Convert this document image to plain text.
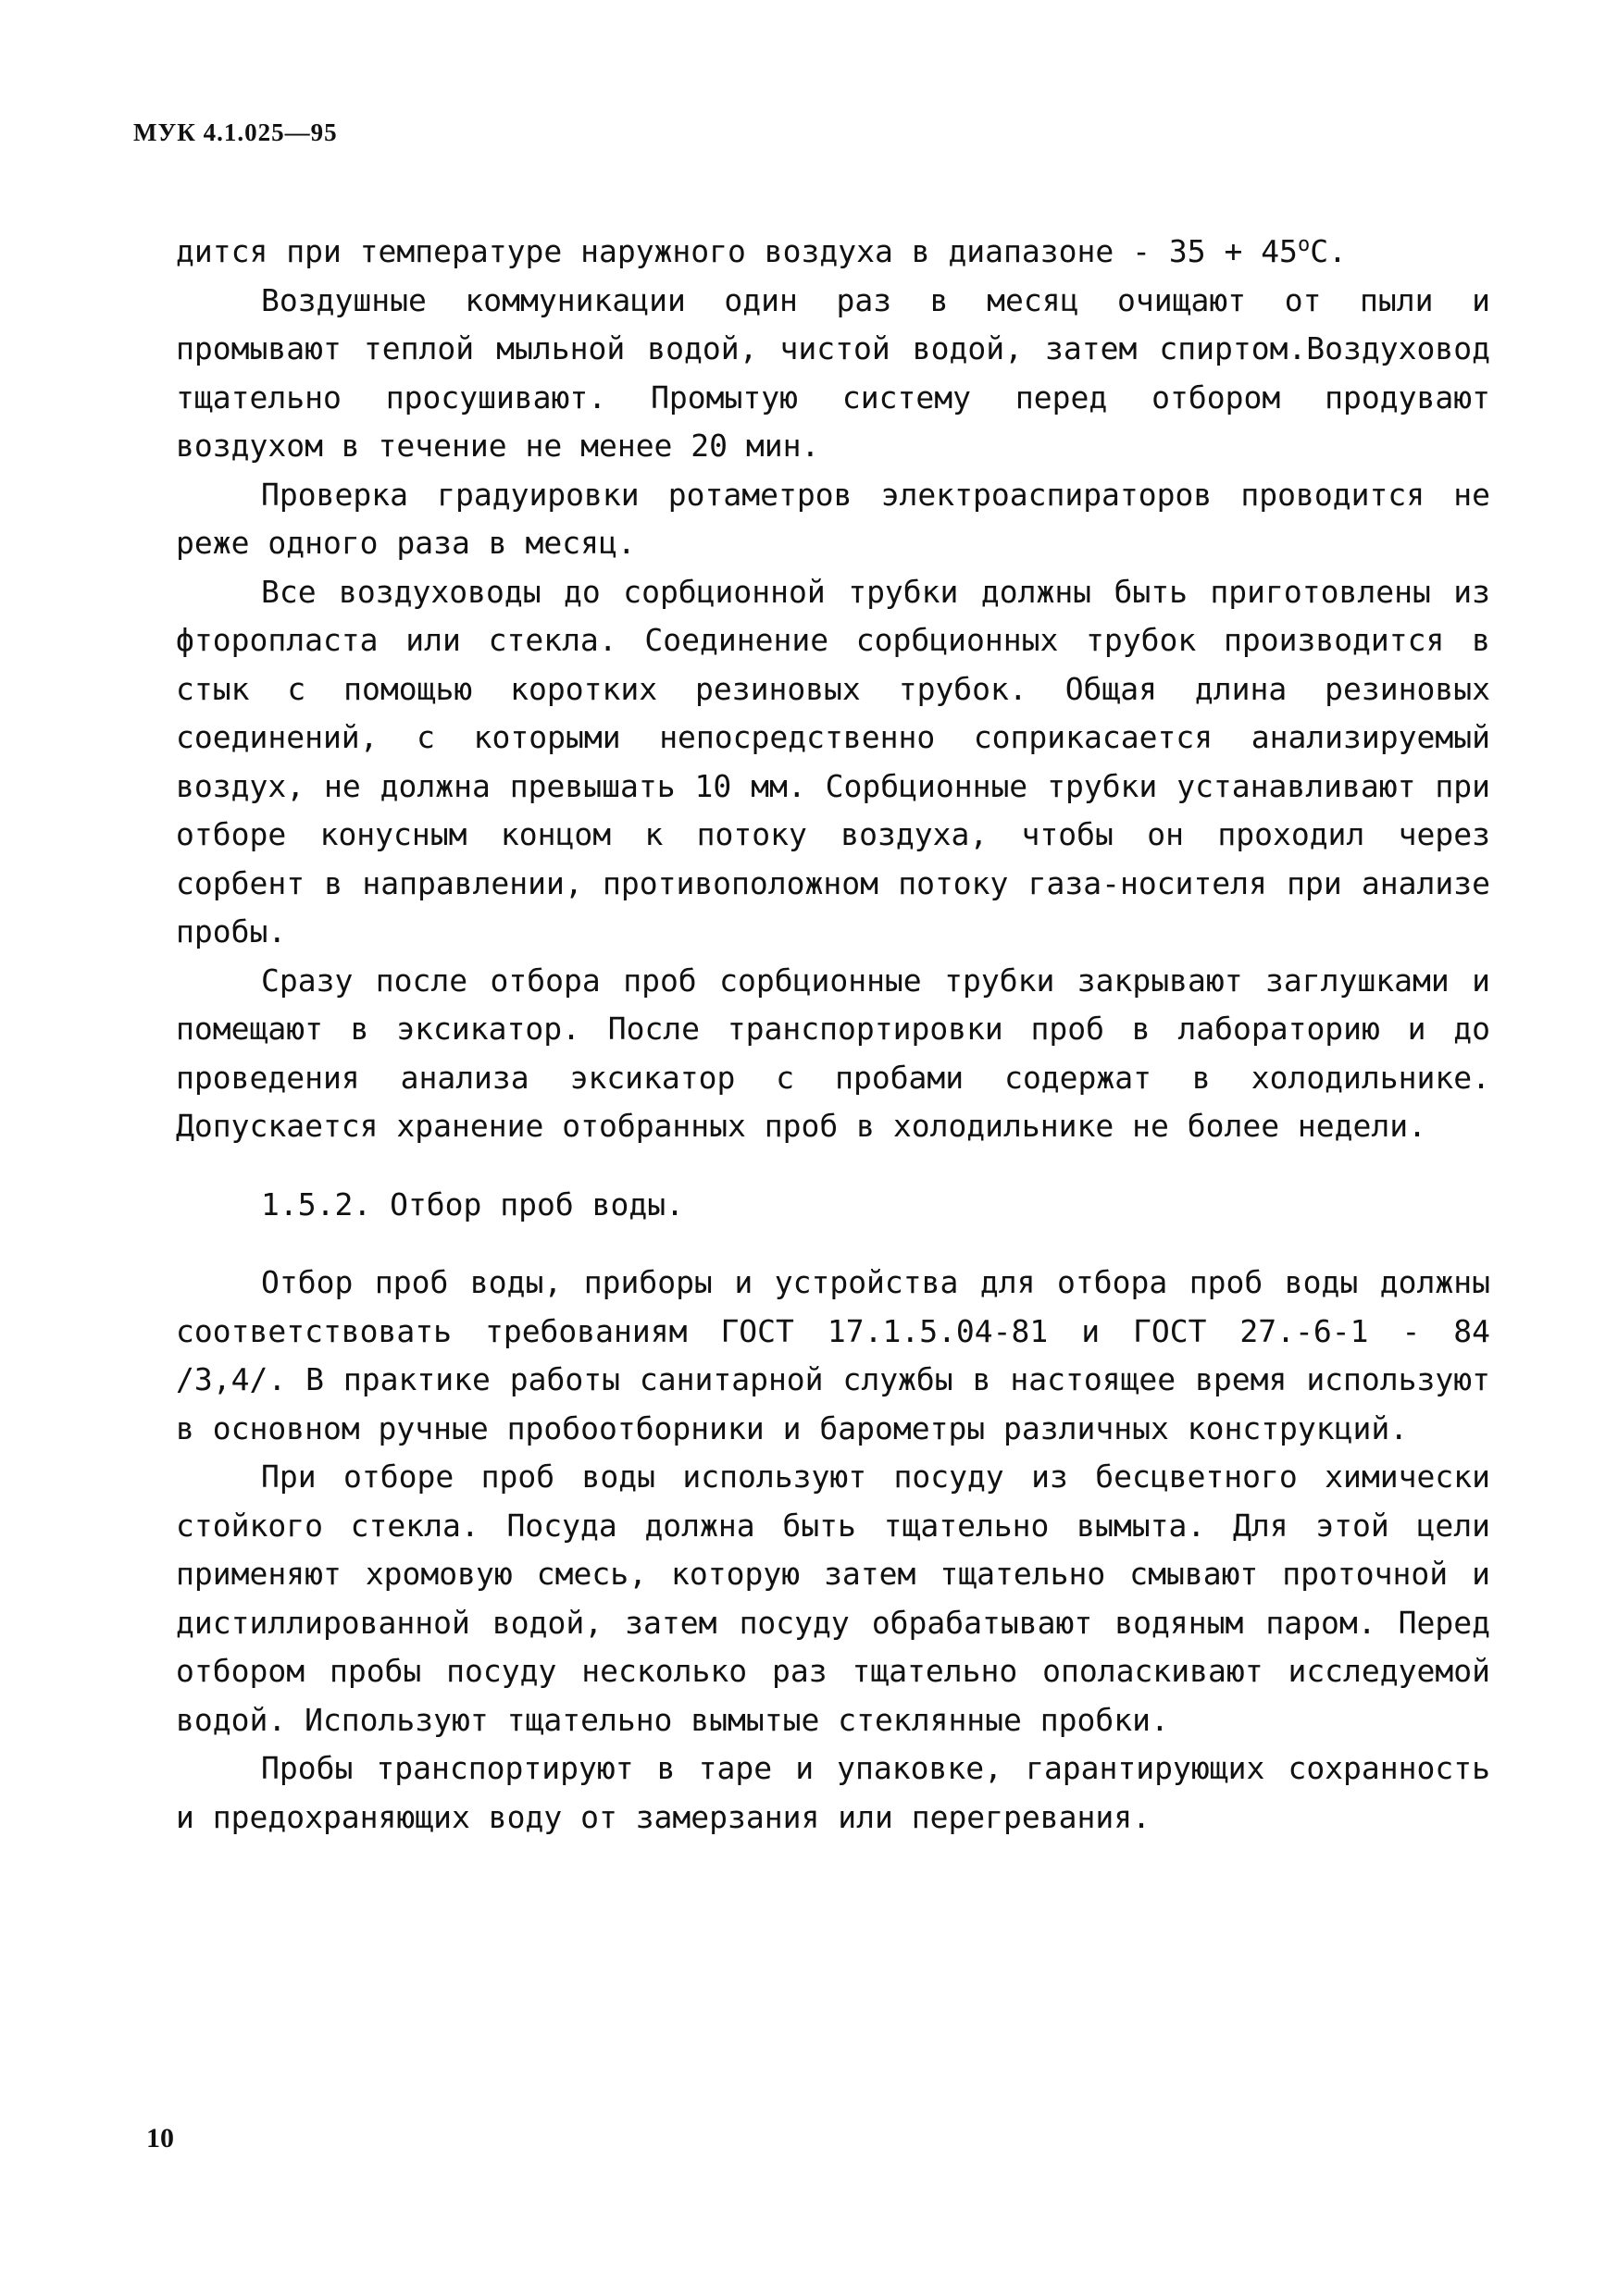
МУК 4.1.025—95

дится при температуре наружного воздуха в диапазоне - $35 + 45^оС$.

Воздушные коммуникации один раз в месяц очищают от пыли и промывают теплой мыльной водой, чистой водой, затем спиртом.Воздуховод тщательно просушивают. Промытую систему перед отбором продувают воздухом в течение не менее 20 мин.

Проверка градуировки ротаметров электроаспираторов проводится не реже одного раза в месяц.

Все воздуховоды до сорбционной трубки должны быть приготовлены из фторопласта или стекла. Соединение сорбционных трубок производится в стык с помощью коротких резиновых трубок. Общая длина резиновых соединений, с которыми непосредственно соприкасается анализируемый воздух, не должна превышать 10 мм. Сорбционные трубки устанавливают при отборе конусным концом к потоку воздуха, чтобы он проходил через сорбент в направлении, противоположном потоку газа-носителя при анализе пробы.

Сразу после отбора проб сорбционные трубки закрывают заглушками и помещают в эксикатор. После транспортировки проб в лабораторию и до проведения анализа эксикатор с пробами содержат в холодильнике. Допускается хранение отобранных проб в холодильнике не более недели.

1.5.2. Отбор проб воды.

Отбор проб воды, приборы и устройства для отбора проб воды должны соответствовать требованиям ГОСТ 17.1.5.04-81 и ГОСТ 27.-6-1 - 84 /3,4/. В практике работы санитарной службы в настоящее время используют в основном ручные пробоотборники и барометры различных конструкций.

При отборе проб воды используют посуду из бесцветного химически стойкого стекла. Посуда должна быть тщательно вымыта. Для этой цели применяют хромовую смесь, которую затем тщательно смывают проточной и дистиллированной водой, затем посуду обрабатывают водяным паром. Перед отбором пробы посуду несколько раз тщательно ополаскивают исследуемой водой. Используют тщательно вымытые стеклянные пробки.

Пробы транспортируют в таре и упаковке, гарантирующих сохранность и предохраняющих воду от замерзания или перегревания.

10
